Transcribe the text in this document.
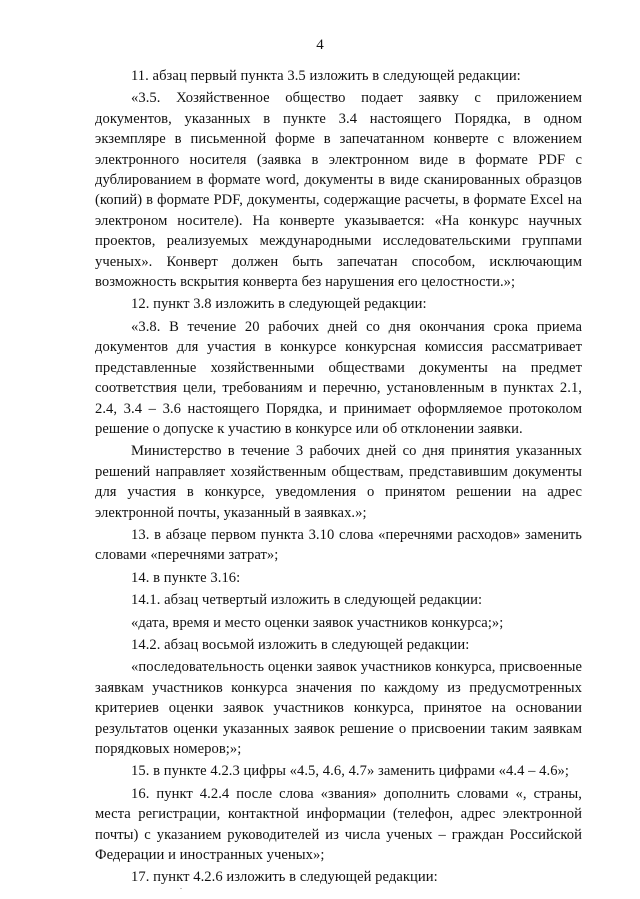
4

11. абзац первый пункта 3.5 изложить в следующей редакции:

«3.5. Хозяйственное общество подает заявку с приложением документов, указанных в пункте 3.4 настоящего Порядка, в одном экземпляре в письменной форме в запечатанном конверте с вложением электронного носителя (заявка в электронном виде в формате PDF с дублированием в формате word, документы в виде сканированных образцов (копий) в формате PDF, документы, содержащие расчеты, в формате Excel на электроном носителе). На конверте указывается: «На конкурс научных проектов, реализуемых международными исследовательскими группами ученых». Конверт должен быть запечатан способом, исключающим возможность вскрытия конверта без нарушения его целостности.»;

12. пункт 3.8 изложить в следующей редакции:

«3.8. В течение 20 рабочих дней со дня окончания срока приема документов для участия в конкурсе конкурсная комиссия рассматривает представленные хозяйственными обществами документы на предмет соответствия цели, требованиям и перечню, установленным в пунктах 2.1, 2.4, 3.4 – 3.6 настоящего Порядка, и принимает оформляемое протоколом решение о допуске к участию в конкурсе или об отклонении заявки.

Министерство в течение 3 рабочих дней со дня принятия указанных решений направляет хозяйственным обществам, представившим документы для участия в конкурсе, уведомления о принятом решении на адрес электронной почты, указанный в заявках.»;

13. в абзаце первом пункта 3.10 слова «перечнями расходов» заменить словами «перечнями затрат»;

14. в пункте 3.16:

14.1. абзац четвертый изложить в следующей редакции:

«дата, время и место оценки заявок участников конкурса;»;

14.2. абзац восьмой изложить в следующей редакции:

«последовательность оценки заявок участников конкурса, присвоенные заявкам участников конкурса значения по каждому из предусмотренных критериев оценки заявок участников конкурса, принятое на основании результатов оценки указанных заявок решение о присвоении таким заявкам порядковых номеров;»;

15. в пункте 4.2.3 цифры «4.5, 4.6, 4.7» заменить цифрами «4.4 – 4.6»;

16. пункт 4.2.4 после слова «звания» дополнить словами «, страны, места регистрации, контактной информации (телефон, адрес электронной почты) с указанием руководителей из числа ученых – граждан Российской Федерации и иностранных ученых»;

17. пункт 4.2.6 изложить в следующей редакции:
